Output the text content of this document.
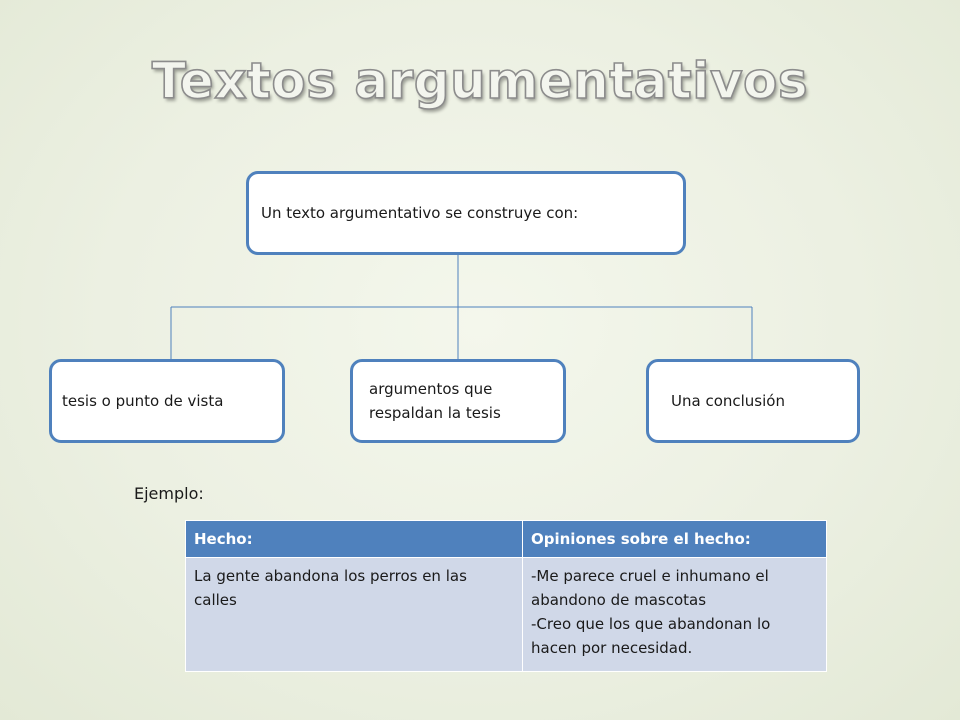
Textos argumentativos
Un texto argumentativo se construye con:
tesis o punto de vista
argumentos que
respaldan la tesis
Una conclusión
Ejemplo:
Hecho:	Opiniones sobre el hecho:
La gente abandona los perros en las calles	-Me parece cruel e inhumano el abandono de mascotas
-Creo que los que abandonan lo hacen por necesidad.
